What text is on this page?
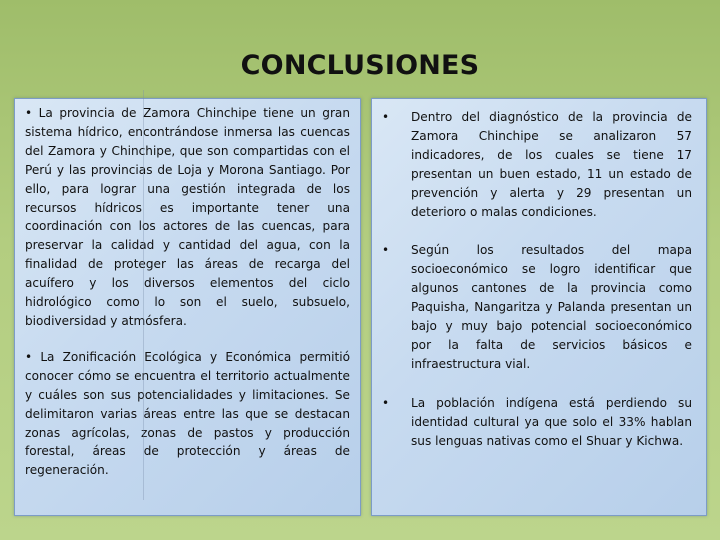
CONCLUSIONES

• La provincia de Zamora Chinchipe tiene un gran sistema hídrico, encontrándose inmersa las cuencas del Zamora y Chinchipe, que son compartidas con el Perú y las provincias de Loja y Morona Santiago. Por ello, para lograr una gestión integrada de los recursos hídricos es importante tener una coordinación con los actores de las cuencas, para preservar la calidad y cantidad del agua, con la finalidad de proteger las áreas de recarga del acuífero y los diversos elementos del ciclo hidrológico como lo son el suelo, subsuelo, biodiversidad y atmósfera.

• La Zonificación Ecológica y Económica permitió conocer cómo se encuentra el territorio actualmente y cuáles son sus potencialidades y limitaciones. Se delimitaron varias áreas entre las que se destacan zonas agrícolas, zonas de pastos y producción forestal, áreas de protección y áreas de regeneración.

•	Dentro del diagnóstico de la provincia de Zamora Chinchipe se analizaron 57 indicadores, de los cuales se tiene 17 presentan un buen estado, 11 un estado de prevención y alerta y 29 presentan un deterioro o malas condiciones.

•	Según los resultados del mapa socioeconómico se logro identificar que algunos cantones de la provincia como Paquisha, Nangaritza y Palanda presentan un bajo y muy bajo potencial socioeconómico por la falta de servicios básicos e infraestructura vial.

•	La población indígena está perdiendo su identidad cultural ya que solo el 33% hablan sus lenguas nativas como el Shuar y Kichwa.
